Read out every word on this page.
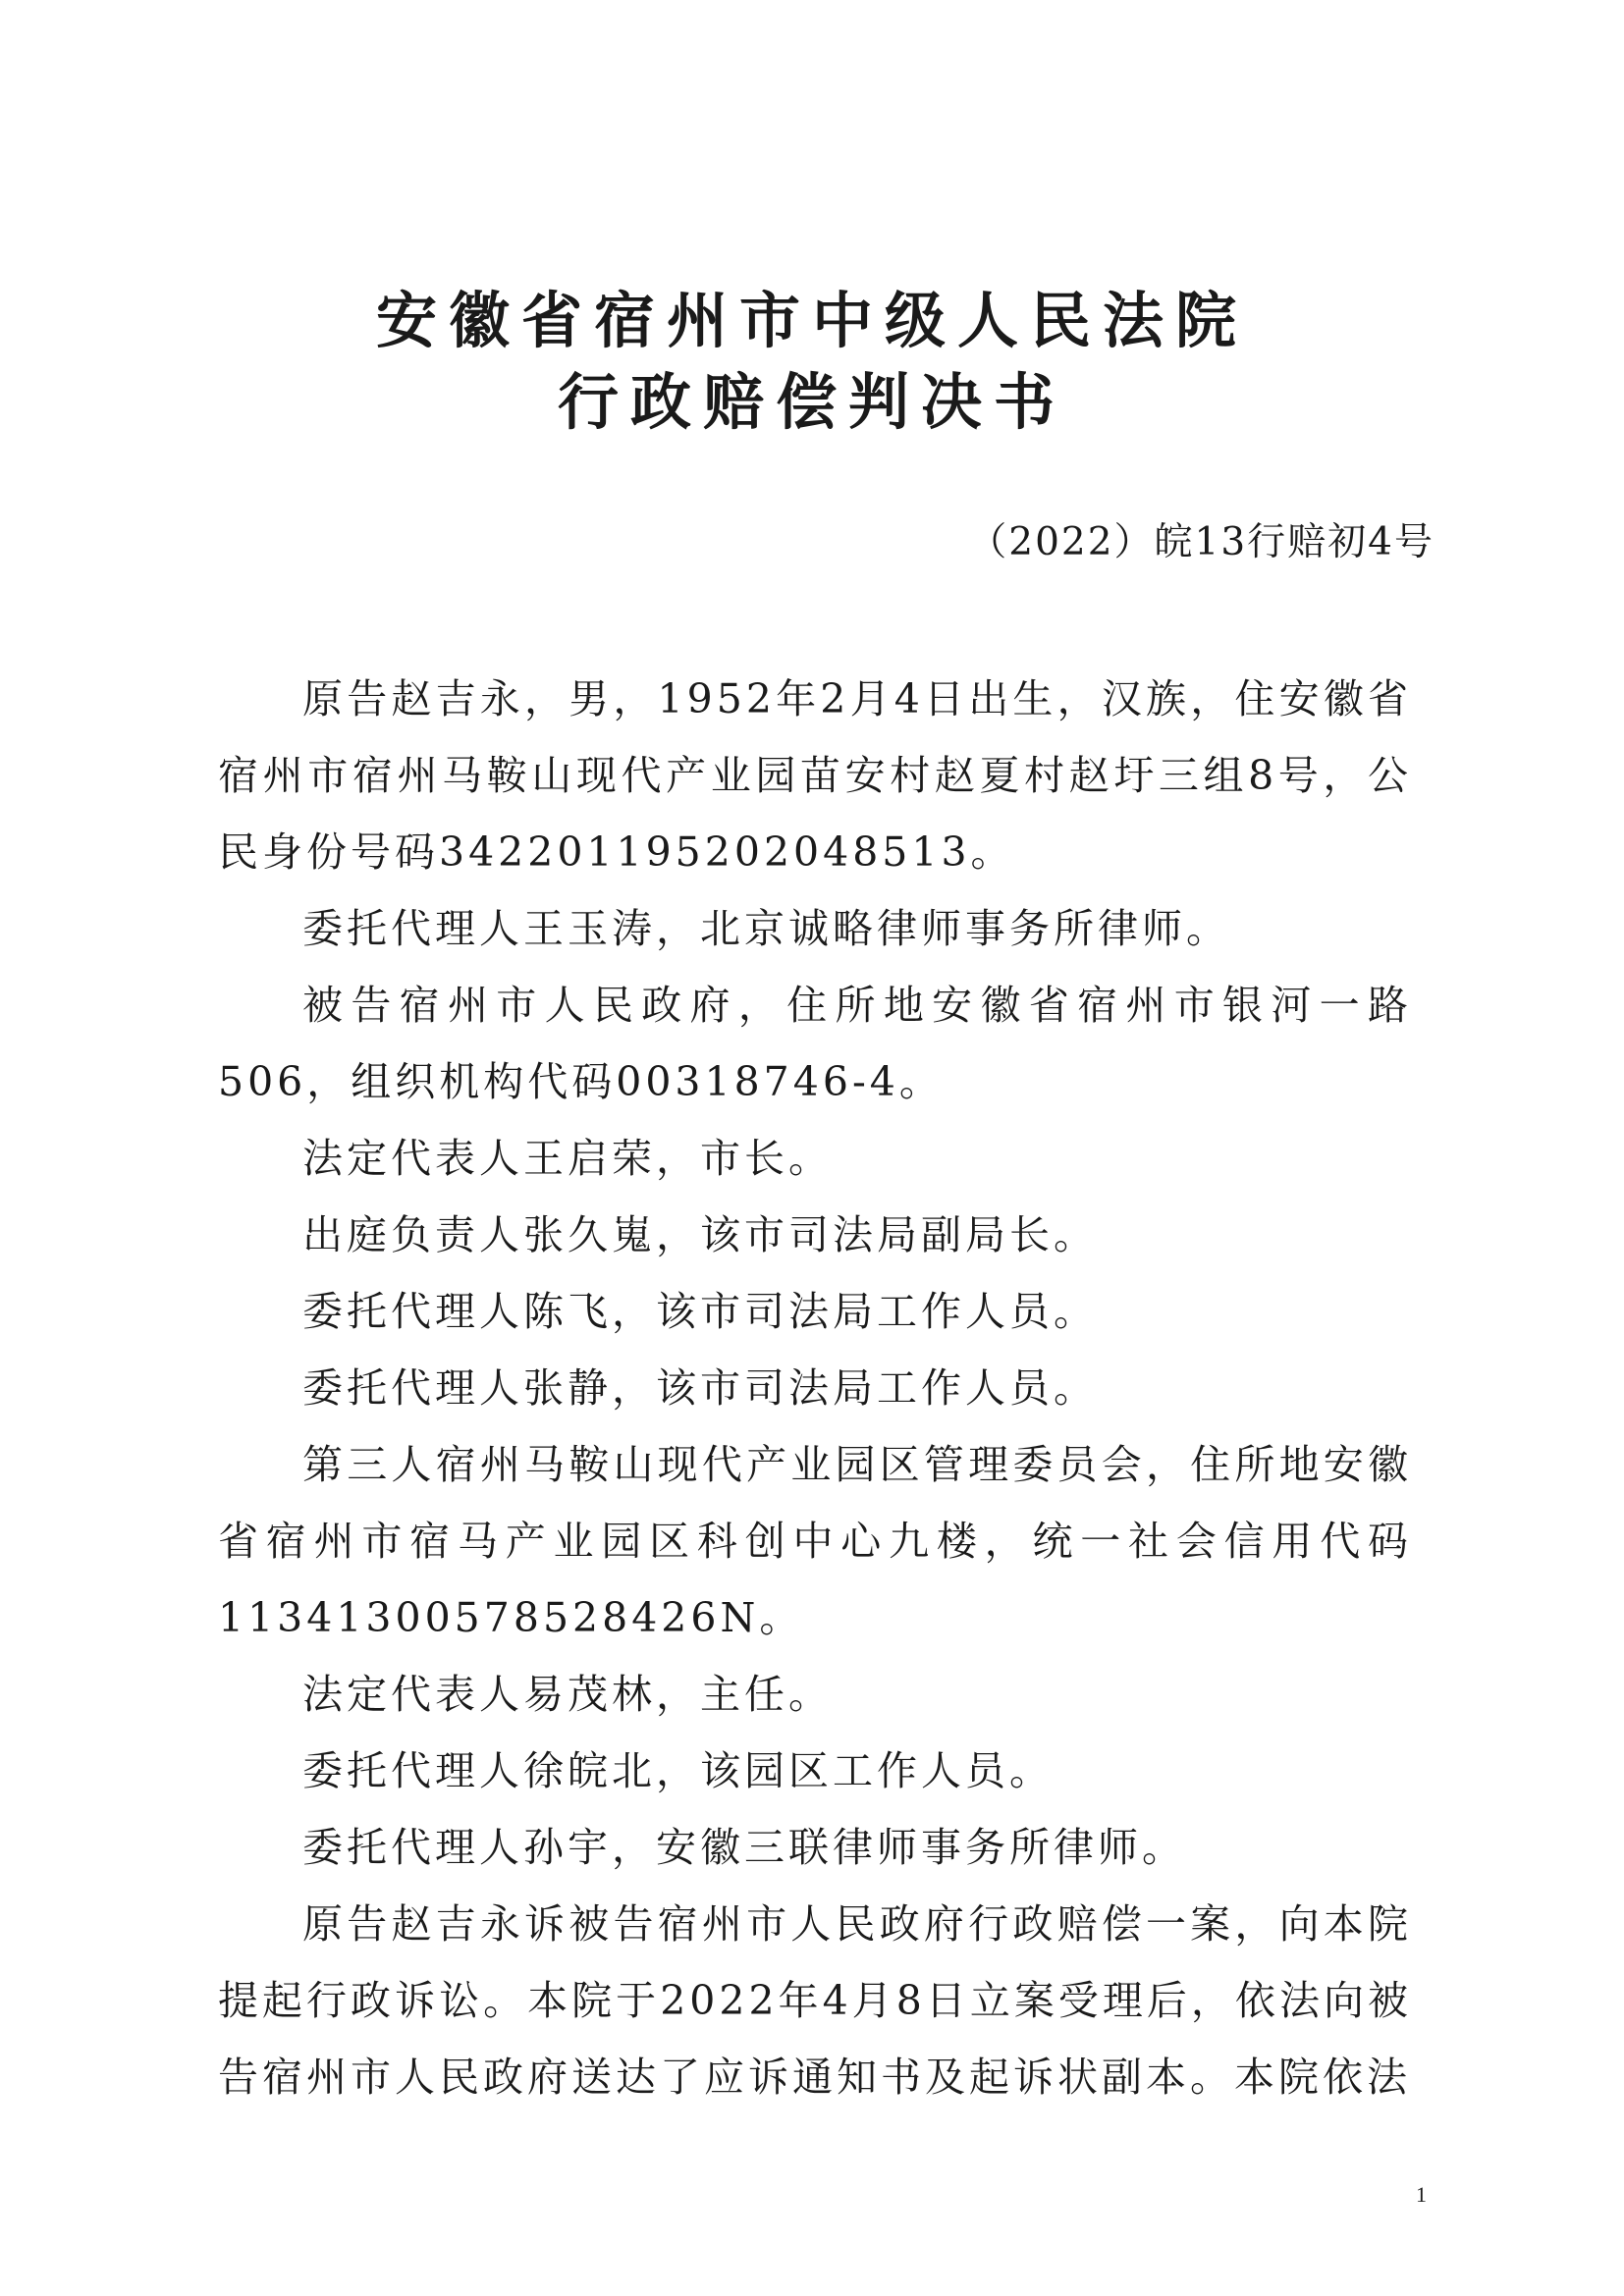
安徽省宿州市中级人民法院
行政赔偿判决书
（2022）皖13行赔初4号

原告赵吉永，男，1952年2月4日出生，汉族，住安徽省宿州市宿州马鞍山现代产业园苗安村赵夏村赵圩三组8号，公民身份号码342201195202048513。

委托代理人王玉涛，北京诚略律师事务所律师。

被告宿州市人民政府，住所地安徽省宿州市银河一路506，组织机构代码00318746-4。

法定代表人王启荣，市长。

出庭负责人张久嵬，该市司法局副局长。

委托代理人陈飞，该市司法局工作人员。

委托代理人张静，该市司法局工作人员。

第三人宿州马鞍山现代产业园区管理委员会，住所地安徽省宿州市宿马产业园区科创中心九楼，统一社会信用代码11341300578528426N。

法定代表人易茂林，主任。

委托代理人徐皖北，该园区工作人员。

委托代理人孙宇，安徽三联律师事务所律师。

原告赵吉永诉被告宿州市人民政府行政赔偿一案，向本院提起行政诉讼。本院于2022年4月8日立案受理后，依法向被告宿州市人民政府送达了应诉通知书及起诉状副本。本院依法

1
